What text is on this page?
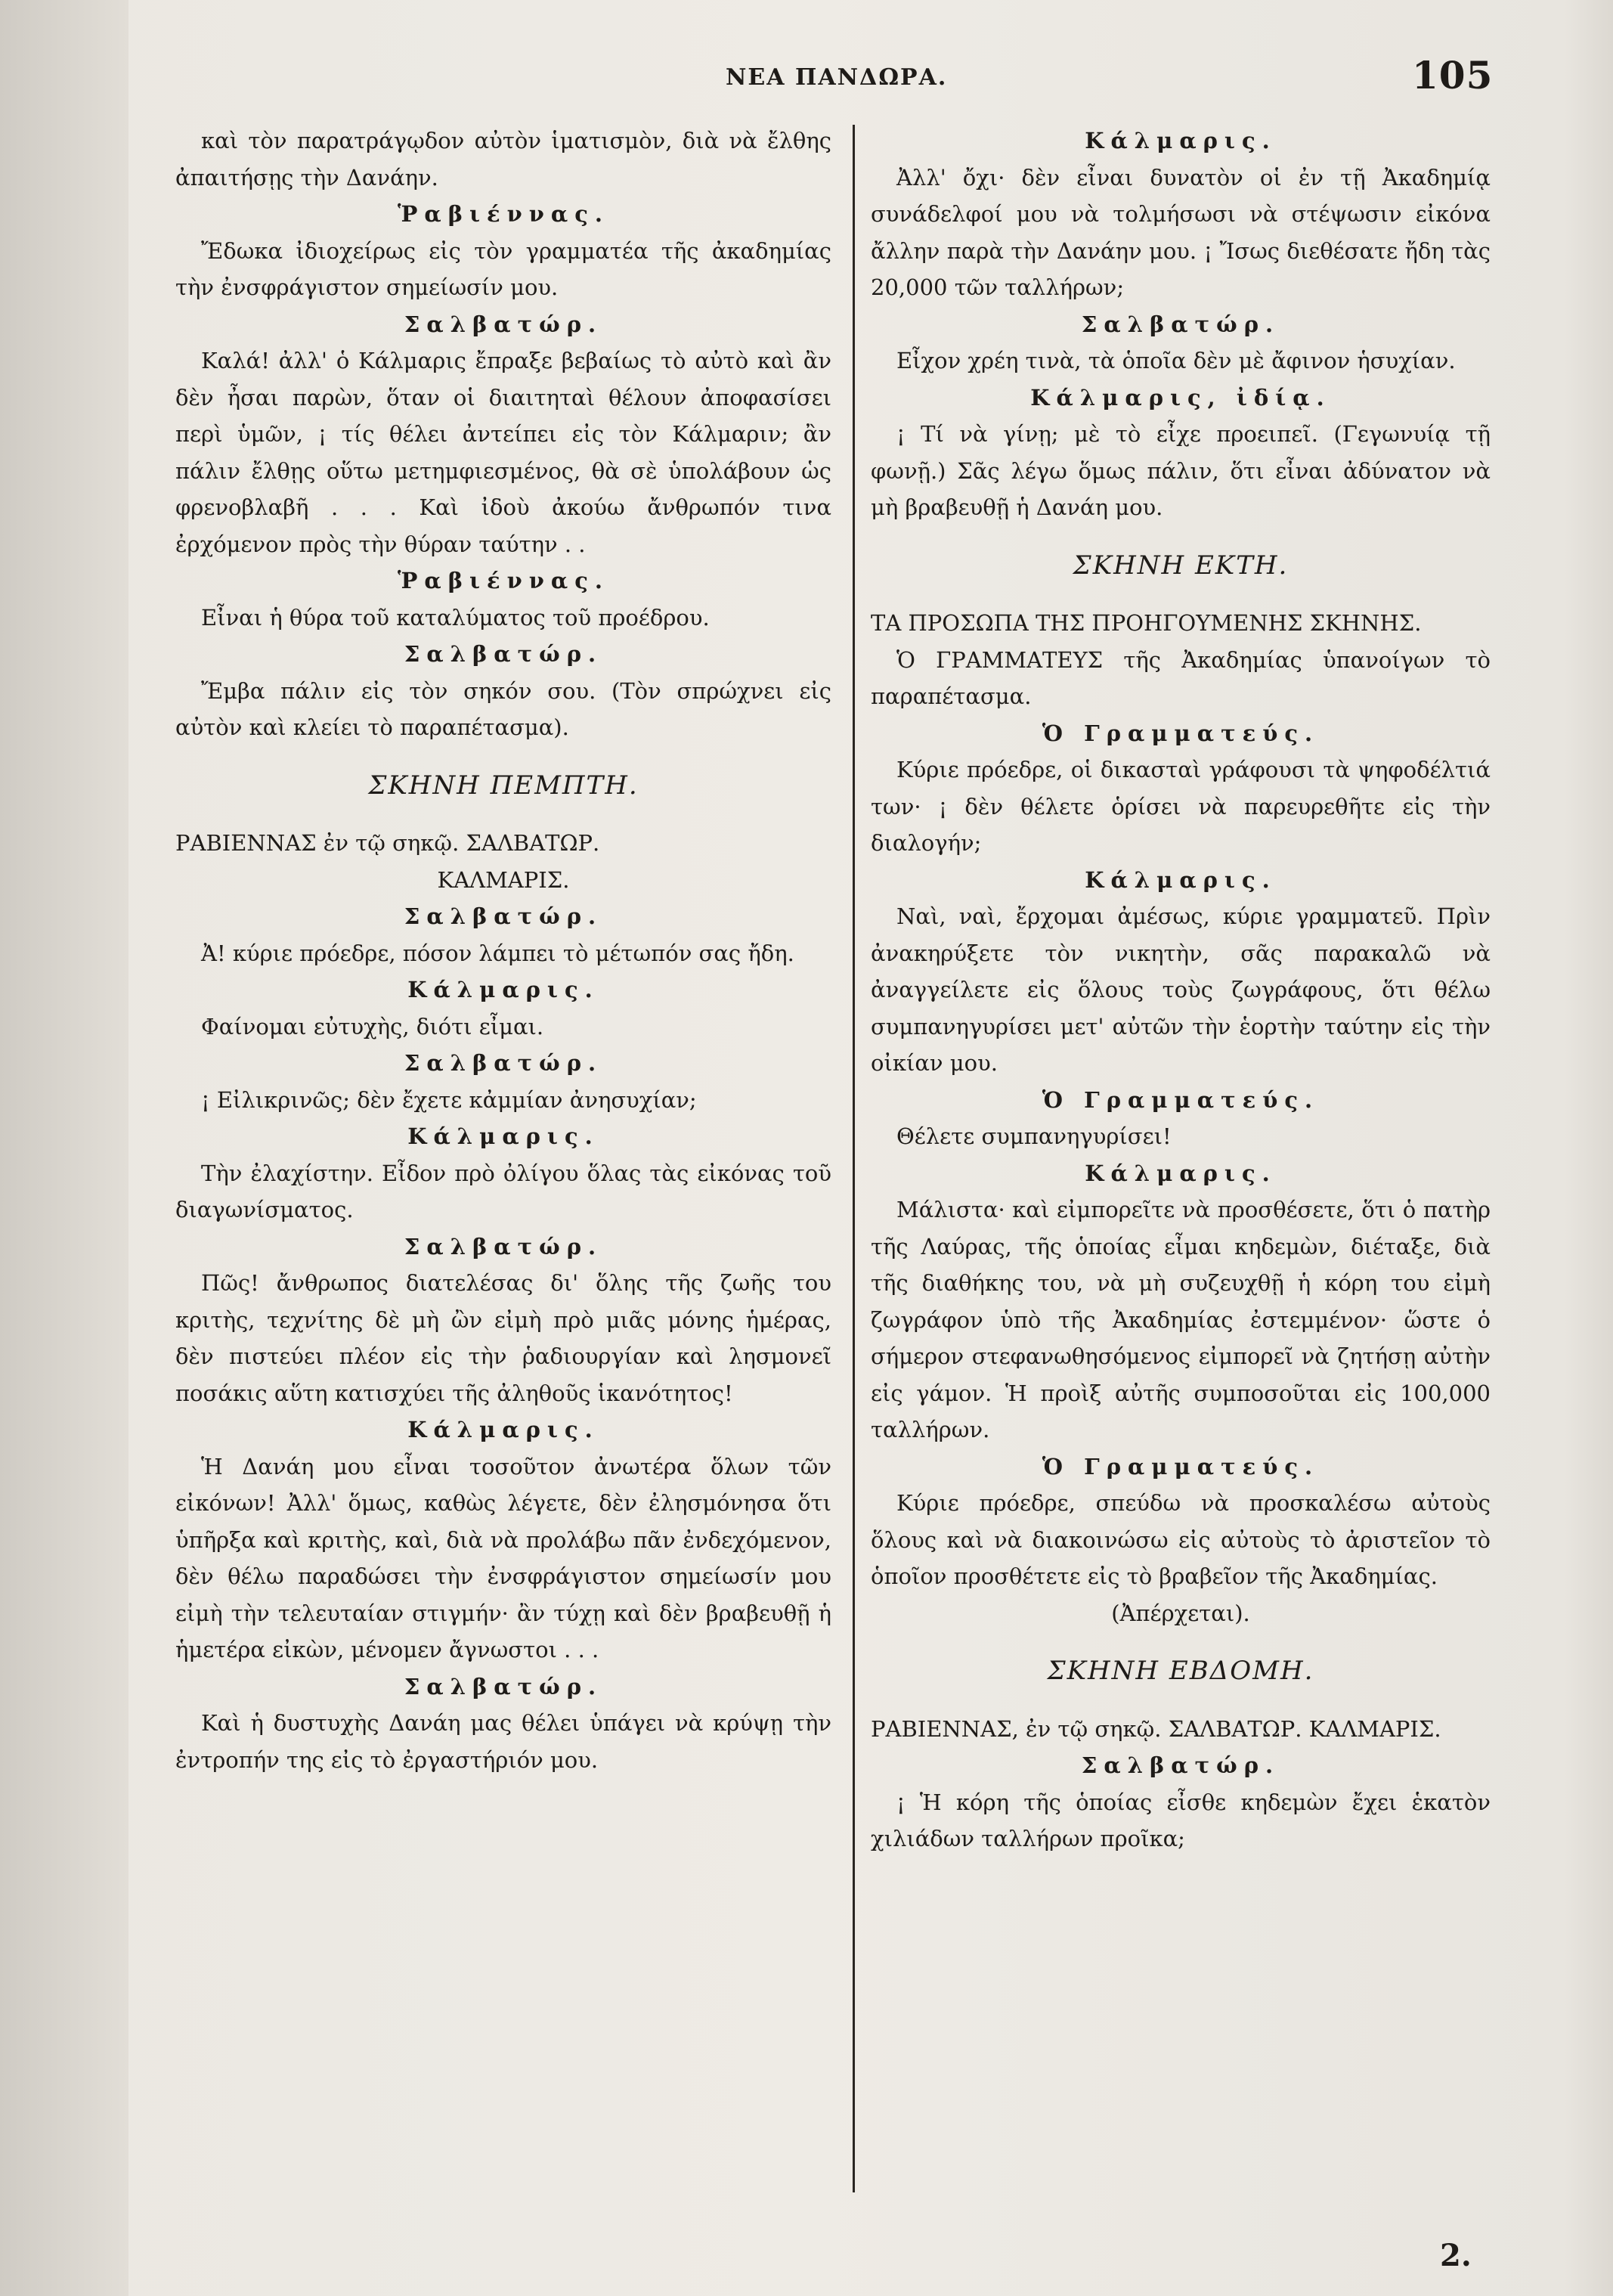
ΝΕΑ ΠΑΝΔΩΡΑ.	105

καὶ τὸν παρατράγῳδον αὐτὸν ἱματισμὸν, διὰ νὰ ἔλθης ἀπαιτήσῃς τὴν Δανάην.

Ῥαβιέννας.

Ἔδωκα ἰδιοχείρως εἰς τὸν γραμματέα τῆς ἀκαδημίας τὴν ἐνσφράγιστον σημείωσίν μου.

Σαλβατώρ.

Καλά! ἀλλ' ὁ Κάλμαρις ἔπραξε βεβαίως τὸ αὐτὸ καὶ ἂν δὲν ἦσαι παρὼν, ὅταν οἱ διαιτηταὶ θέλουν ἀποφασίσει περὶ ὑμῶν, ¡ τίς θέλει ἀντείπει εἰς τὸν Κάλμαριν; ἂν πάλιν ἔλθῃς οὕτω μετημφιεσμένος, θὰ σὲ ὑπολάβουν ὡς φρενοβλαβῆ . . . Καὶ ἰδοὺ ἀκούω ἄνθρωπόν τινα ἐρχόμενον πρὸς τὴν θύραν ταύτην . .

Ῥαβιέννας.

Εἶναι ἡ θύρα τοῦ καταλύματος τοῦ προέδρου.

Σαλβατώρ.

Ἔμβα πάλιν εἰς τὸν σηκόν σου. (Τὸν σπρώχνει εἰς αὐτὸν καὶ κλείει τὸ παραπέτασμα).

ΣΚΗΝΗ ΠΕΜΠΤΗ.

ΡΑΒΙΕΝΝΑΣ ἐν τῷ σηκῷ. ΣΑΛΒΑΤΩΡ.

ΚΑΛΜΑΡΙΣ.

Σαλβατώρ.

Ἀ! κύριε πρόεδρε, πόσον λάμπει τὸ μέτωπόν σας ἤδη.

Κάλμαρις.

Φαίνομαι εὐτυχὴς, διότι εἶμαι.

Σαλβατώρ.

¡ Εἰλικρινῶς; δὲν ἔχετε κἀμμίαν ἀνησυχίαν;

Κάλμαρις.

Τὴν ἐλαχίστην. Εἶδον πρὸ ὀλίγου ὅλας τὰς εἰκόνας τοῦ διαγωνίσματος.

Σαλβατώρ.

Πῶς! ἄνθρωπος διατελέσας δι' ὅλης τῆς ζωῆς του κριτὴς, τεχνίτης δὲ μὴ ὢν εἰμὴ πρὸ μιᾶς μόνης ἡμέρας, δὲν πιστεύει πλέον εἰς τὴν ῥαδιουργίαν καὶ λησμονεῖ ποσάκις αὕτη κατισχύει τῆς ἀληθοῦς ἱκανότητος!

Κάλμαρις.

Ἡ Δανάη μου εἶναι τοσοῦτον ἀνωτέρα ὅλων τῶν εἰκόνων! Ἀλλ' ὅμως, καθὼς λέγετε, δὲν ἐλησμόνησα ὅτι ὑπῆρξα καὶ κριτὴς, καὶ, διὰ νὰ προλάβω πᾶν ἐνδεχόμενον, δὲν θέλω παραδώσει τὴν ἐνσφράγιστον σημείωσίν μου εἰμὴ τὴν τελευταίαν στιγμήν· ἂν τύχῃ καὶ δὲν βραβευθῇ ἡ ἡμετέρα εἰκὼν, μένομεν ἄγνωστοι . . .

Σαλβατώρ.

Καὶ ἡ δυστυχὴς Δανάη μας θέλει ὑπάγει νὰ κρύψῃ τὴν ἐντροπήν της εἰς τὸ ἐργαστήριόν μου.

Κάλμαρις.

Ἀλλ' ὄχι· δὲν εἶναι δυνατὸν οἱ ἐν τῇ Ἀκαδημίᾳ συνάδελφοί μου νὰ τολμήσωσι νὰ στέψωσιν εἰκόνα ἄλλην παρὰ τὴν Δανάην μου. ¡ Ἴσως διεθέσατε ἤδη τὰς 20,000 τῶν ταλλήρων;

Σαλβατώρ.

Εἶχον χρέη τινὰ, τὰ ὁποῖα δὲν μὲ ἄφινον ἡσυχίαν.

Κάλμαρις, ἰδίᾳ.

¡ Τί νὰ γίνῃ; μὲ τὸ εἶχε προειπεῖ. (Γεγωνυίᾳ τῇ φωνῇ.) Σᾶς λέγω ὅμως πάλιν, ὅτι εἶναι ἀδύνατον νὰ μὴ βραβευθῇ ἡ Δανάη μου.

ΣΚΗΝΗ ΕΚΤΗ.

ΤΑ ΠΡΟΣΩΠΑ ΤΗΣ ΠΡΟΗΓΟΥΜΕΝΗΣ ΣΚΗΝΗΣ.

Ὁ ΓΡΑΜΜΑΤΕΥΣ τῆς Ἀκαδημίας ὑπανοίγων τὸ παραπέτασμα.

Ὁ Γραμματεύς.

Κύριε πρόεδρε, οἱ δικασταὶ γράφουσι τὰ ψηφοδέλτιά των· ¡ δὲν θέλετε ὁρίσει νὰ παρευρεθῆτε εἰς τὴν διαλογήν;

Κάλμαρις.

Ναὶ, ναὶ, ἔρχομαι ἀμέσως, κύριε γραμματεῦ. Πρὶν ἀνακηρύξετε τὸν νικητὴν, σᾶς παρακαλῶ νὰ ἀναγγείλετε εἰς ὅλους τοὺς ζωγράφους, ὅτι θέλω συμπανηγυρίσει μετ' αὐτῶν τὴν ἑορτὴν ταύτην εἰς τὴν οἰκίαν μου.

Ὁ Γραμματεύς.

Θέλετε συμπανηγυρίσει!

Κάλμαρις.

Μάλιστα· καὶ εἰμπορεῖτε νὰ προσθέσετε, ὅτι ὁ πατὴρ τῆς Λαύρας, τῆς ὁποίας εἶμαι κηδεμὼν, διέταξε, διὰ τῆς διαθήκης του, νὰ μὴ συζευχθῇ ἡ κόρη του εἰμὴ ζωγράφον ὑπὸ τῆς Ἀκαδημίας ἐστεμμένον· ὥστε ὁ σήμερον στεφανωθησόμενος εἰμπορεῖ νὰ ζητήσῃ αὐτὴν εἰς γάμον. Ἡ προὶξ αὐτῆς συμποσοῦται εἰς 100,000 ταλλήρων.

Ὁ Γραμματεύς.

Κύριε πρόεδρε, σπεύδω νὰ προσκαλέσω αὐτοὺς ὅλους καὶ νὰ διακοινώσω εἰς αὐτοὺς τὸ ἀριστεῖον τὸ ὁποῖον προσθέτετε εἰς τὸ βραβεῖον τῆς Ἀκαδημίας.

(Ἀπέρχεται).

ΣΚΗΝΗ ΕΒΔΟΜΗ.

ΡΑΒΙΕΝΝΑΣ, ἐν τῷ σηκῷ. ΣΑΛΒΑΤΩΡ. ΚΑΛΜΑΡΙΣ.

Σαλβατώρ.

¡ Ἡ κόρη τῆς ὁποίας εἶσθε κηδεμὼν ἔχει ἑκατὸν χιλιάδων ταλλήρων προῖκα;

2.
